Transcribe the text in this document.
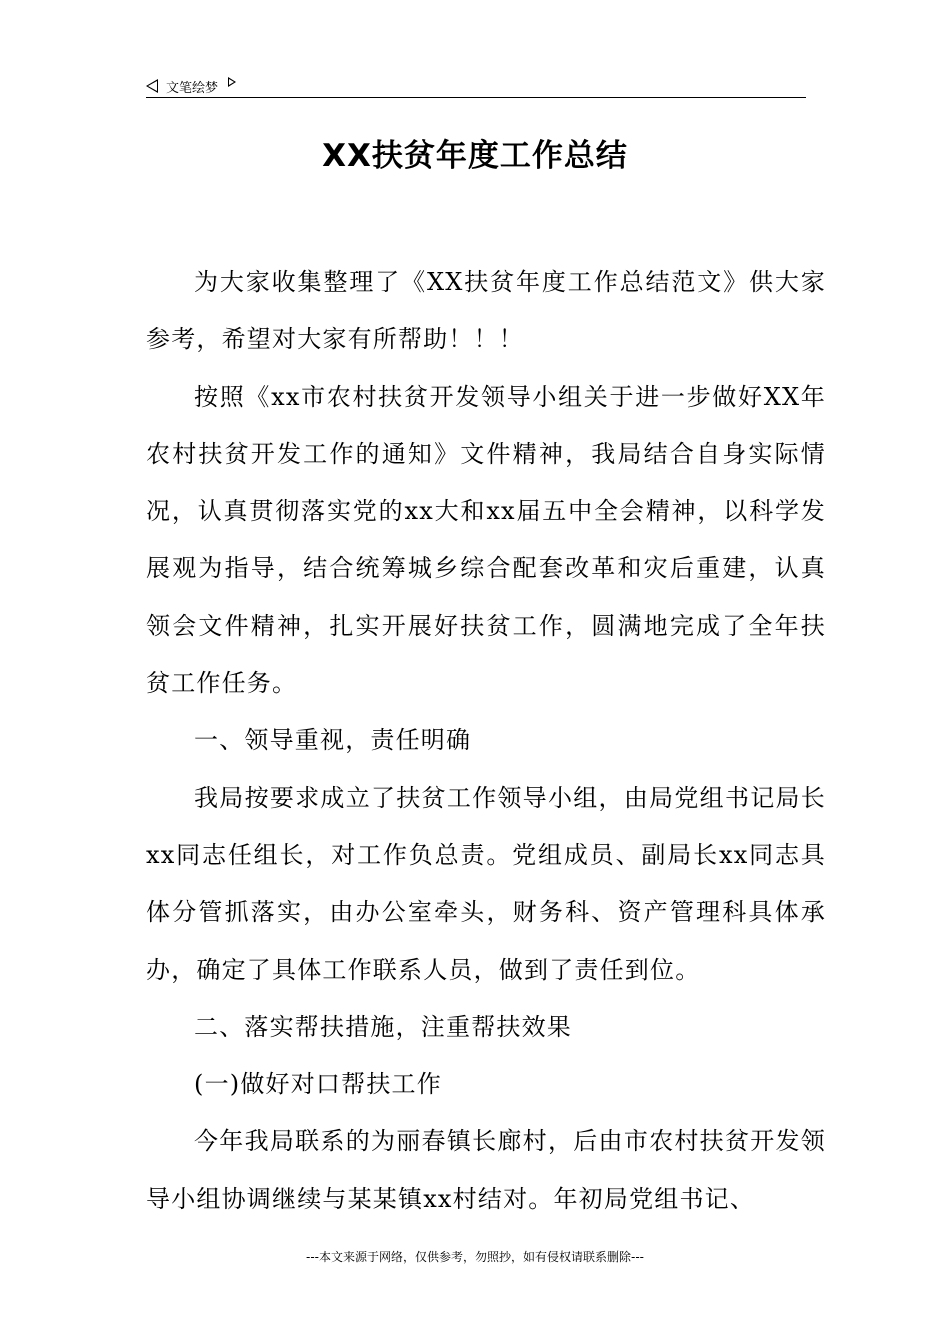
文笔绘梦
XX扶贫年度工作总结

为大家收集整理了《XX扶贫年度工作总结范文》供大家参考，希望对大家有所帮助！！！

按照《xx市农村扶贫开发领导小组关于进一步做好XX年农村扶贫开发工作的通知》文件精神，我局结合自身实际情况，认真贯彻落实党的xx大和xx届五中全会精神，以科学发展观为指导，结合统筹城乡综合配套改革和灾后重建，认真领会文件精神，扎实开展好扶贫工作，圆满地完成了全年扶贫工作任务。

一、领导重视，责任明确

我局按要求成立了扶贫工作领导小组，由局党组书记局长xx同志任组长，对工作负总责。党组成员、副局长xx同志具体分管抓落实，由办公室牵头，财务科、资产管理科具体承办，确定了具体工作联系人员，做到了责任到位。

二、落实帮扶措施，注重帮扶效果

(一)做好对口帮扶工作

今年我局联系的为丽春镇长廊村，后由市农村扶贫开发领导小组协调继续与某某镇xx村结对。年初局党组书记、

---本文来源于网络，仅供参考，勿照抄，如有侵权请联系删除---
